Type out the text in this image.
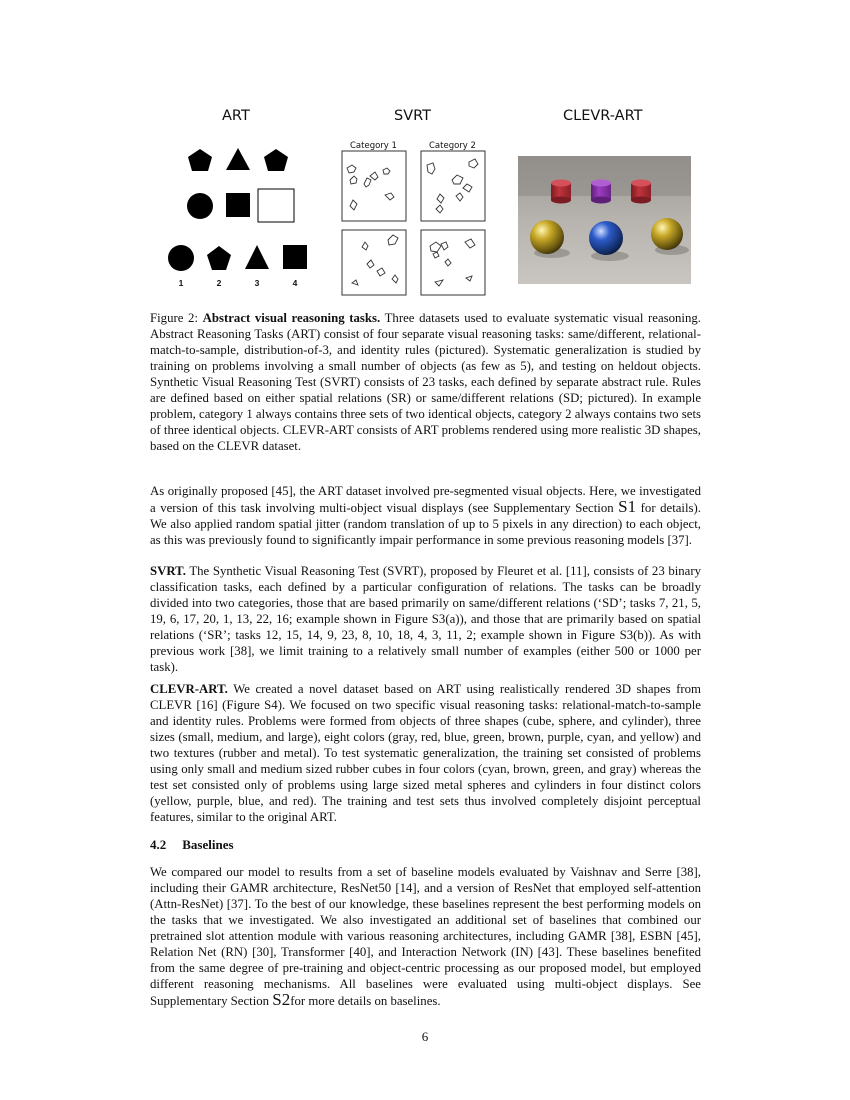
ART	SVRT	CLEVR-ART
1	2	3	4
Category 1	Category 2

Figure 2: Abstract visual reasoning tasks. Three datasets used to evaluate systematic visual reasoning. Abstract Reasoning Tasks (ART) consist of four separate visual reasoning tasks: same/different, relational-match-to-sample, distribution-of-3, and identity rules (pictured). Systematic generalization is studied by training on problems involving a small number of objects (as few as 5), and testing on heldout objects. Synthetic Visual Reasoning Test (SVRT) consists of 23 tasks, each defined by separate abstract rule. Rules are defined based on either spatial relations (SR) or same/different relations (SD; pictured). In example problem, category 1 always contains three sets of two identical objects, category 2 always contains two sets of three identical objects. CLEVR-ART consists of ART problems rendered using more realistic 3D shapes, based on the CLEVR dataset.

As originally proposed [45], the ART dataset involved pre-segmented visual objects. Here, we investigated a version of this task involving multi-object visual displays (see Supplementary Section S1 for details). We also applied random spatial jitter (random translation of up to 5 pixels in any direction) to each object, as this was previously found to significantly impair performance in some previous reasoning models [37].

SVRT. The Synthetic Visual Reasoning Test (SVRT), proposed by Fleuret et al. [11], consists of 23 binary classification tasks, each defined by a particular configuration of relations. The tasks can be broadly divided into two categories, those that are based primarily on same/different relations (‘SD’; tasks 7, 21, 5, 19, 6, 17, 20, 1, 13, 22, 16; example shown in Figure S3(a)), and those that are primarily based on spatial relations (‘SR’; tasks 12, 15, 14, 9, 23, 8, 10, 18, 4, 3, 11, 2; example shown in Figure S3(b)). As with previous work [38], we limit training to a relatively small number of examples (either 500 or 1000 per task).

CLEVR-ART. We created a novel dataset based on ART using realistically rendered 3D shapes from CLEVR [16] (Figure S4). We focused on two specific visual reasoning tasks: relational-match-to-sample and identity rules. Problems were formed from objects of three shapes (cube, sphere, and cylinder), three sizes (small, medium, and large), eight colors (gray, red, blue, green, brown, purple, cyan, and yellow) and two textures (rubber and metal). To test systematic generalization, the training set consisted of problems using only small and medium sized rubber cubes in four colors (cyan, brown, green, and gray) whereas the test set consisted only of problems using large sized metal spheres and cylinders in four distinct colors (yellow, purple, blue, and red). The training and test sets thus involved completely disjoint perceptual features, similar to the original ART.

4.2 Baselines

We compared our model to results from a set of baseline models evaluated by Vaishnav and Serre [38], including their GAMR architecture, ResNet50 [14], and a version of ResNet that employed self-attention (Attn-ResNet) [37]. To the best of our knowledge, these baselines represent the best performing models on the tasks that we investigated. We also investigated an additional set of baselines that combined our pretrained slot attention module with various reasoning architectures, including GAMR [38], ESBN [45], Relation Net (RN) [30], Transformer [40], and Interaction Network (IN) [43]. These baselines benefited from the same degree of pre-training and object-centric processing as our proposed model, but employed different reasoning mechanisms. All baselines were evaluated using multi-object displays. See Supplementary Section S2for more details on baselines.

6
